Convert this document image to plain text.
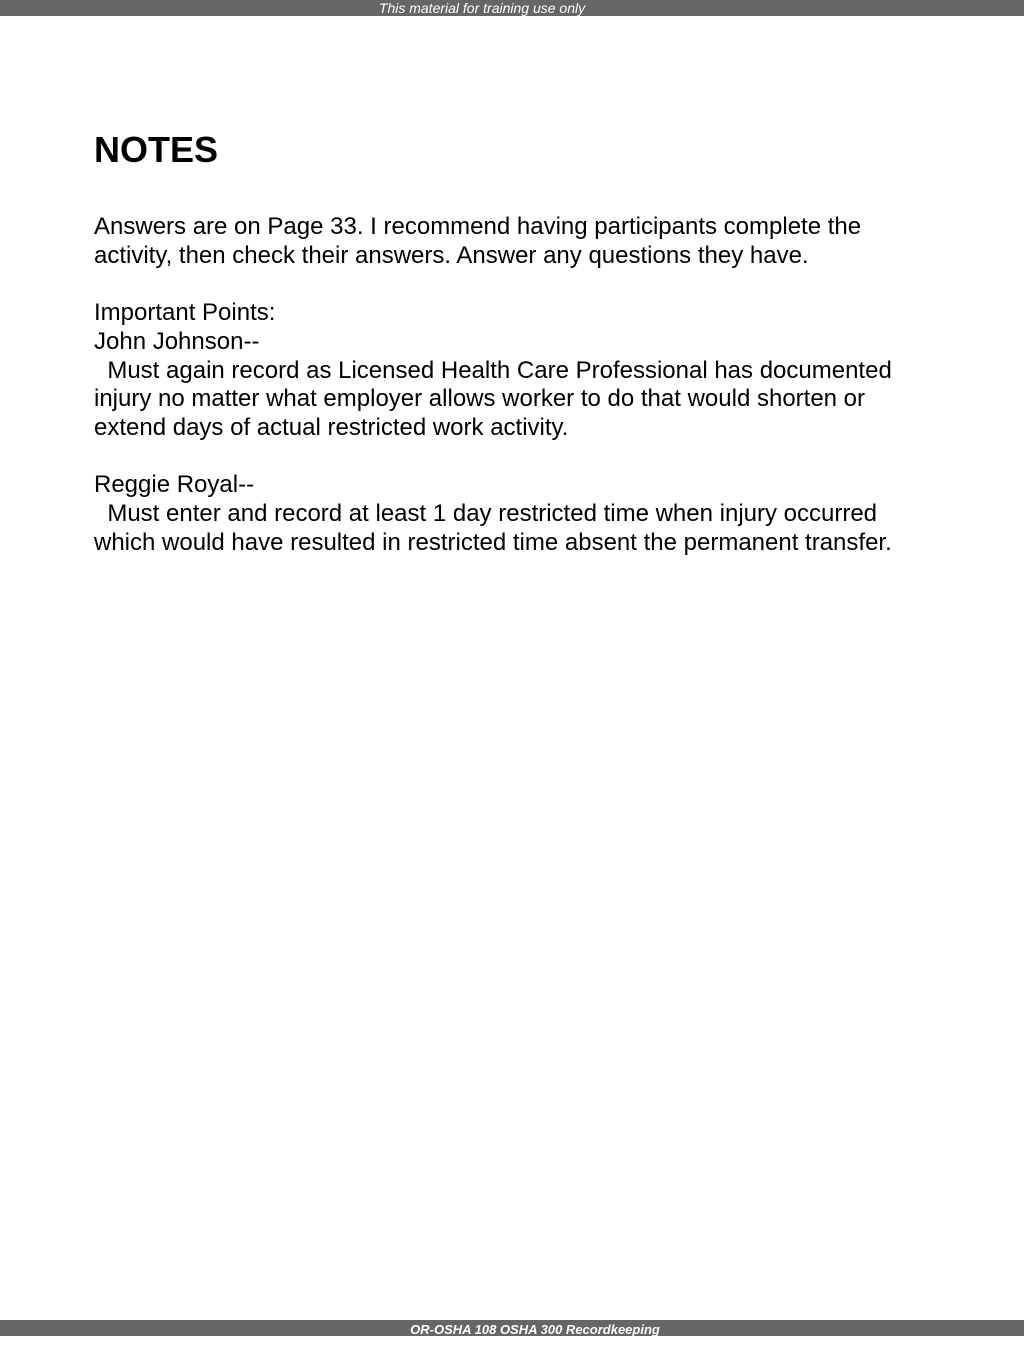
This material for training use only
NOTES

Answers are on Page 33. I recommend having participants complete the activity, then check their answers. Answer any questions they have.

Important Points:

John Johnson--

Must again record as Licensed Health Care Professional has documented injury no matter what employer allows worker to do that would shorten or extend days of actual restricted work activity.

Reggie Royal--

Must enter and record at least 1 day restricted time when injury occurred which would have resulted in restricted time absent the permanent transfer.

OR-OSHA 108 OSHA 300 Recordkeeping
